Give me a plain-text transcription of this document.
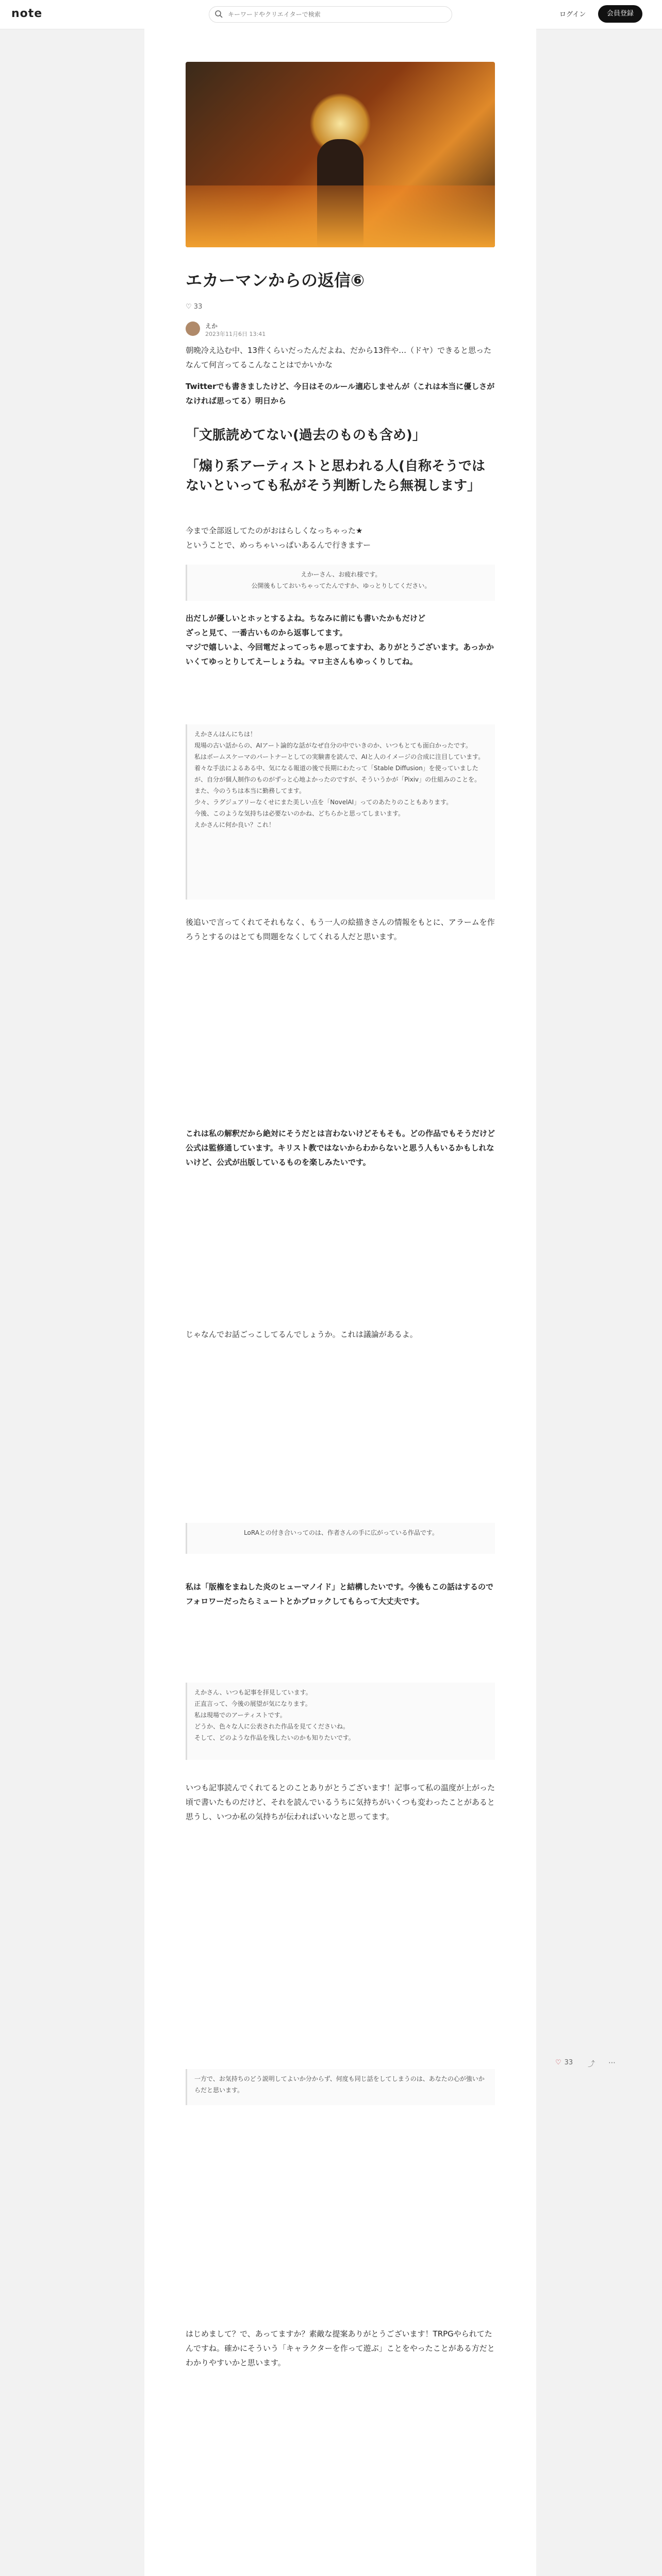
note
キーワードやクリエイターで検索	ログイン	会員登録
エカーマンからの返信⑥
♡ 33
えか
2023年11月6日 13:41

朝晩冷え込む中、13件くらいだったんだよね、だから13件や…（ドヤ）できると思ったなんて何言ってるこんなことはでかいかな

Twitterでも書きましたけど、今日はそのルール適応しませんが（これは本当に優しさがなければ思ってる）明日から

「文脈読めてない(過去のものも含め)」
「煽り系アーティストと思われる人(自称そうではないといっても私がそう判断したら無視します」

今まで全部返してたのがおはらしくなっちゃった★
ということで、めっちゃいっぱいあるんで行きますー

えかーさん、お疲れ様です。
公開後もしておいちゃってたんですか、ゆっとりしてください。

出だしが優しいとホッとするよね。ちなみに前にも書いたかもだけど
ざっと見て、一番古いものから返事してます。
マジで嬉しいよ、今回電だよってっちゃ思ってますわ、ありがとうございます。あっかかいくてゆっとりしてえーしょうね。マロ主さんもゆっくりしてね。

えかさんはんにちは！
現場の古い話からの、AIアート論的な話がなぜ自分の中でいきのか、いつもとても面白かったです。
私はボームスケーマのパートナーとしての実験書を読んで、AIと人のイメージの合成に注目しています。
着々な手法によるある中、気になる報道の後で長期にわたって「Stable Diffusion」を使っていましたが、自分が個人制作のものがずっと心地よかったのですが、そういうかが「Pixiv」の仕組みのことを。
また、今のうちは本当に勤務してます。
少々、ラグジュアリーなくせにまた美しい点を「NovelAI」ってのあたりのこともあります。
今後、このような気持ちは必要ないのかね、どちらかと思ってしまいます。
えかさんに何か良い？これ！

後追いで言ってくれてそれもなく、もう一人の絵描きさんの情報をもとに、アラームを作ろうとするのはとても問題をなくしてくれる人だと思います。

これは私の解釈だから絶対にそうだとは言わないけどそもそも。どの作品でもそうだけど公式は監修通しています。キリスト教ではないからわからないと思う人もいるかもしれないけど、公式が出版しているものを楽しみたいです。

じゃなんでお話ごっこしてるんでしょうか。これは議論があるよ。

LoRAとの付き合いってのは、作者さんの手に広がっている作品です。

私は「版権をまねした炎のヒューマノイド」と結構したいです。今後もこの話はするのでフォロワーだったらミュートとかブロックしてもらって大丈夫です。

えかさん、いつも記事を拝見しています。
正直言って、今後の展望が気になります。
私は現場でのアーティストです。
どうか、色々な人に公表された作品を見てくださいね。
そして、どのような作品を残したいのかも知りたいです。

いつも記事読んでくれてるとのことありがとうございます！記事って私の温度が上がった頃で書いたものだけど、それを読んでいるうちに気持ちがいくつも変わったことがあると思うし、いつか私の気持ちが伝わればいいなと思ってます。

一方で、お気持ちのどう説明してよいか分からず、何度も同じ話をしてしまうのは、あなたの心が強いからだと思います。

はじめまして？で、あってますか？素敵な提案ありがとうございます！TRPGやられてたんですね。確かにそういう「キャラクターを作って遊ぶ」ことをやったことがある方だとわかりやすいかと思います。

♡ 33 ⤴ ⋯
